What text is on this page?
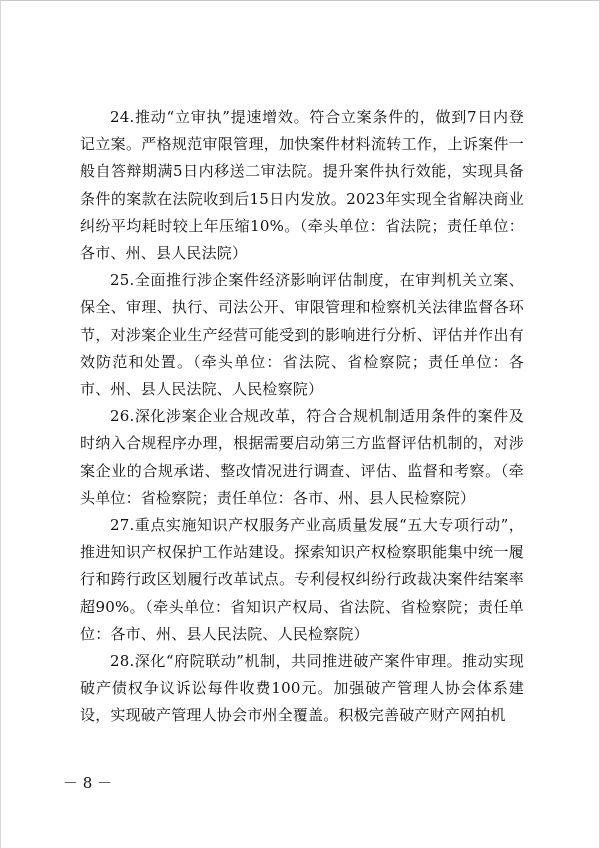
24.推动“立审执”提速增效。符合立案条件的，做到7日内登记立案。严格规范审限管理，加快案件材料流转工作，上诉案件一般自答辩期满5日内移送二审法院。提升案件执行效能，实现具备条件的案款在法院收到后15日内发放。2023年实现全省解决商业纠纷平均耗时较上年压缩10%。（牵头单位：省法院；责任单位：各市、州、县人民法院）

25.全面推行涉企案件经济影响评估制度，在审判机关立案、保全、审理、执行、司法公开、审限管理和检察机关法律监督各环节，对涉案企业生产经营可能受到的影响进行分析、评估并作出有效防范和处置。（牵头单位：省法院、省检察院；责任单位：各市、州、县人民法院、人民检察院）

26.深化涉案企业合规改革，符合合规机制适用条件的案件及时纳入合规程序办理，根据需要启动第三方监督评估机制的，对涉案企业的合规承诺、整改情况进行调查、评估、监督和考察。（牵头单位：省检察院；责任单位：各市、州、县人民检察院）

27.重点实施知识产权服务产业高质量发展“五大专项行动”，推进知识产权保护工作站建设。探索知识产权检察职能集中统一履行和跨行政区划履行改革试点。专利侵权纠纷行政裁决案件结案率超90%。（牵头单位：省知识产权局、省法院、省检察院；责任单位：各市、州、县人民法院、人民检察院）

28.深化“府院联动”机制，共同推进破产案件审理。推动实现破产债权争议诉讼每件收费100元。加强破产管理人协会体系建设，实现破产管理人协会市州全覆盖。积极完善破产财产网拍机

－ 8 －
